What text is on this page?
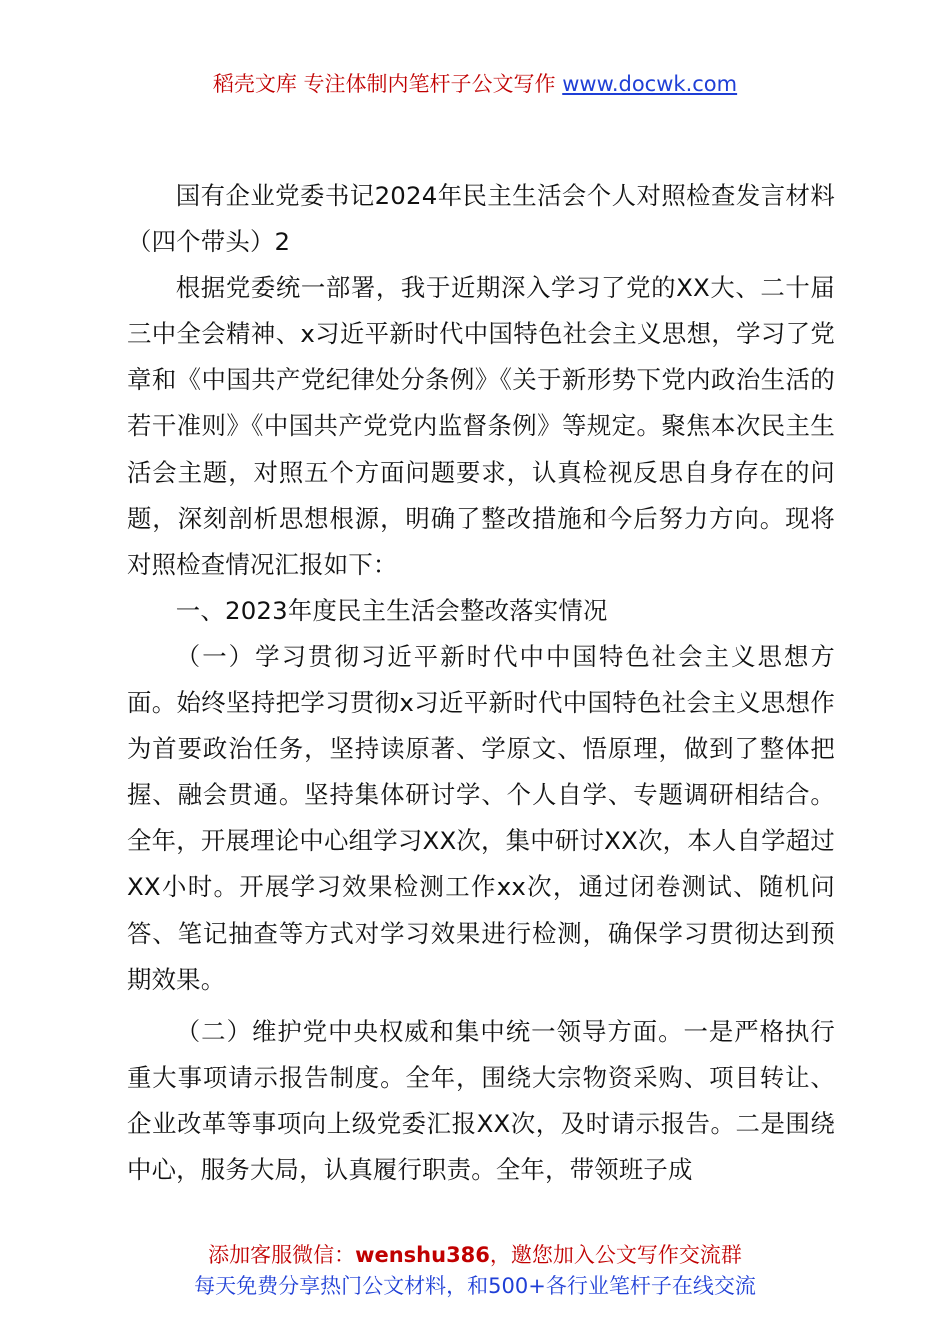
稻壳文库 专注体制内笔杆子公文写作 www.docwk.com

国有企业党委书记2024年民主生活会个人对照检查发言材料（四个带头）2

根据党委统一部署，我于近期深入学习了党的XX大、二十届三中全会精神、x习近平新时代中国特色社会主义思想，学习了党章和《中国共产党纪律处分条例》《关于新形势下党内政治生活的若干准则》《中国共产党党内监督条例》等规定。聚焦本次民主生活会主题，对照五个方面问题要求，认真检视反思自身存在的问题，深刻剖析思想根源，明确了整改措施和今后努力方向。现将对照检查情况汇报如下：

一、2023年度民主生活会整改落实情况

（一）学习贯彻习近平新时代中中国特色社会主义思想方面。始终坚持把学习贯彻x习近平新时代中国特色社会主义思想作为首要政治任务，坚持读原著、学原文、悟原理，做到了整体把握、融会贯通。坚持集体研讨学、个人自学、专题调研相结合。全年，开展理论中心组学习XX次，集中研讨XX次，本人自学超过XX小时。开展学习效果检测工作xx次，通过闭卷测试、随机问答、笔记抽查等方式对学习效果进行检测，确保学习贯彻达到预期效果。

（二）维护党中央权威和集中统一领导方面。一是严格执行重大事项请示报告制度。全年，围绕大宗物资采购、项目转让、企业改革等事项向上级党委汇报XX次，及时请示报告。二是围绕中心，服务大局，认真履行职责。全年，带领班子成

添加客服微信：wenshu386，邀您加入公文写作交流群
每天免费分享热门公文材料，和500+各行业笔杆子在线交流
